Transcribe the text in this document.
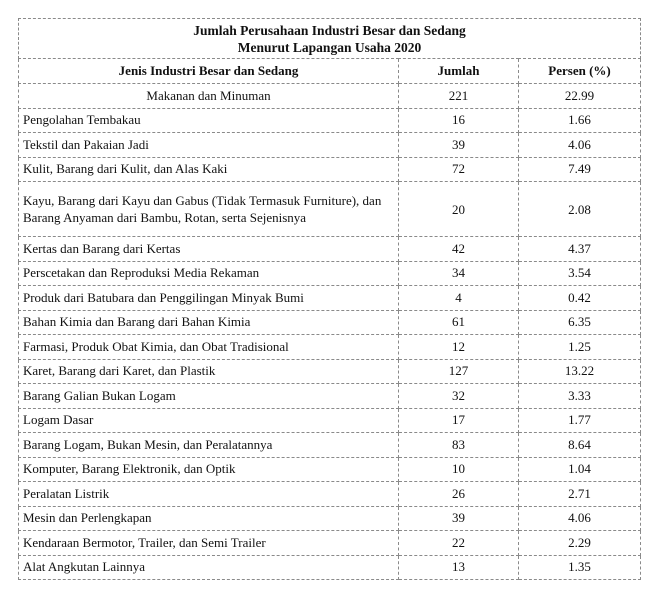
Jumlah Perusahaan Industri Besar dan Sedang
Menurut Lapangan Usaha 2020		
Jenis Industri Besar dan Sedang	Jumlah	Persen (%)
Makanan dan Minuman	221	22.99
Pengolahan Tembakau	16	1.66
Tekstil dan Pakaian Jadi	39	4.06
Kulit, Barang dari Kulit, dan Alas Kaki	72	7.49
Kayu, Barang dari Kayu dan Gabus (Tidak Termasuk Furniture), dan Barang Anyaman dari Bambu, Rotan, serta Sejenisnya	20	2.08
Kertas dan Barang dari Kertas	42	4.37
Perscetakan dan Reproduksi Media Rekaman	34	3.54
Produk dari Batubara dan Penggilingan Minyak Bumi	4	0.42
Bahan Kimia dan Barang dari Bahan Kimia	61	6.35
Farmasi, Produk Obat Kimia, dan Obat Tradisional	12	1.25
Karet, Barang dari Karet, dan Plastik	127	13.22
Barang Galian Bukan Logam	32	3.33
Logam Dasar	17	1.77
Barang Logam, Bukan Mesin, dan Peralatannya	83	8.64
Komputer, Barang Elektronik, dan Optik	10	1.04
Peralatan Listrik	26	2.71
Mesin dan Perlengkapan	39	4.06
Kendaraan Bermotor, Trailer, dan Semi Trailer	22	2.29
Alat Angkutan Lainnya	13	1.35
